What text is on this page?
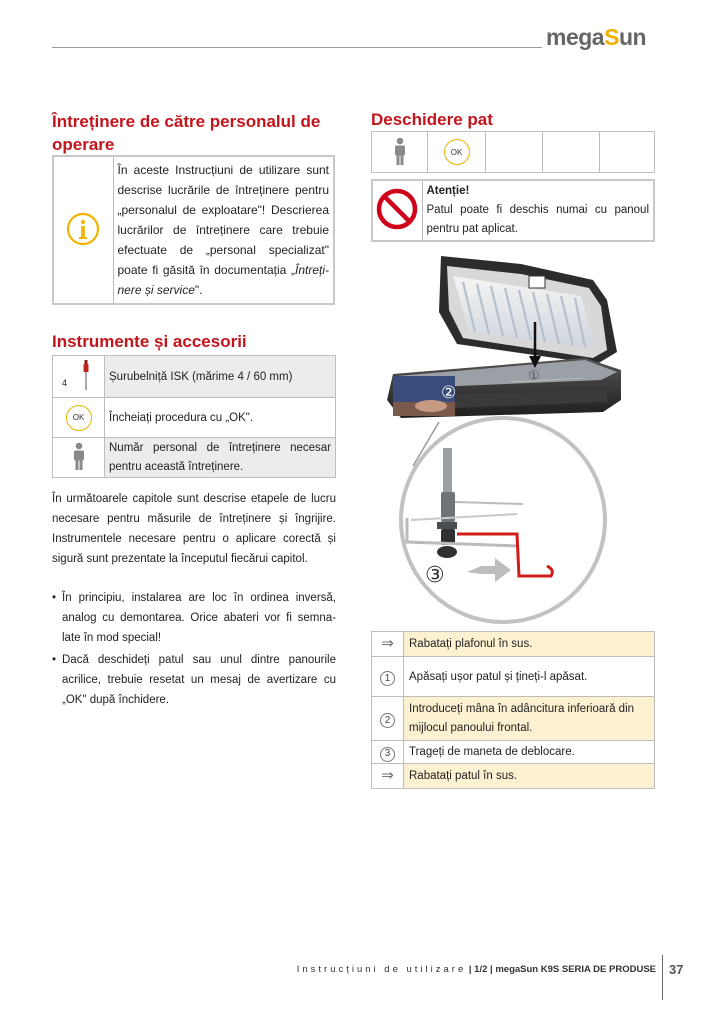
megaSun
Întreținere de către personalul de
operare

În aceste Instrucțiuni de utilizare sunt descrise lucrările de întreținere pentru „personalul de exploatare"! Descrierea lucrărilor de întreținere care trebuie efectuate de „personal specializat" poate fi găsită în documentația „Întreți-nere și service".
Instrumente și accesorii
4	Șurubelniță ISK (mărime 4 / 60 mm)
OK	Încheiați procedura cu „OK".
	Număr personal de întreținere necesar pentru această întreținere.
În următoarele capitole sunt descrise etapele de lucru necesare pentru măsurile de întreținere și îngrijire. Instrumentele necesare pentru o aplicare corectă și sigură sunt prezentate la începutul fiecărui capitol.
• În principiu, instalarea are loc în ordinea inversă, analog cu demontarea. Orice abateri vor fi semna-late în mod special!
• Dacă deschideți patul sau unul dintre panourile acrilice, trebuie resetat un mesaj de avertizare cu „OK" după închidere.
Deschidere pat
	OK			

Atenție!
Patul poate fi deschis numai cu panoul pentru pat aplicat.
①
②
③
⇒	Rabatați plafonul în sus.
1	Apăsați ușor patul și țineți-l apăsat.
2	Introduceți mâna în adâncitura inferioară din mijlocul panoului frontal.
3	Trageți de maneta de deblocare.
⇒	Rabatați patul în sus.
Instrucțiuni de utilizare | 1/2 | megaSun K9S SERIA DE PRODUSE 37
